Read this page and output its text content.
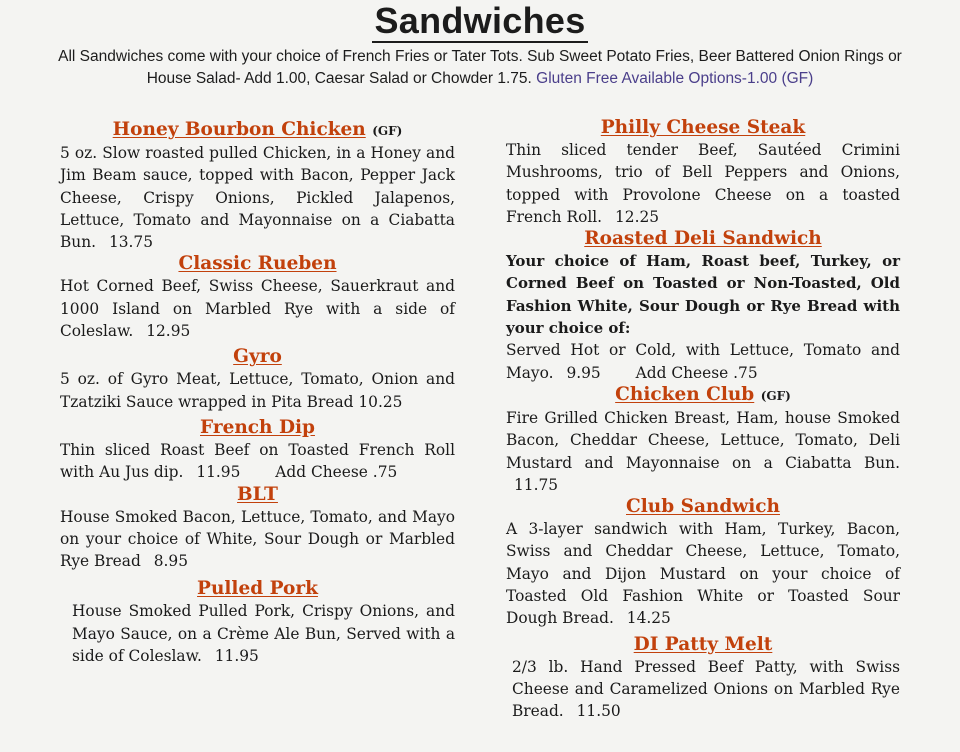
Sandwiches
All Sandwiches come with your choice of French Fries or Tater Tots. Sub Sweet Potato Fries, Beer Battered Onion Rings or House Salad- Add 1.00, Caesar Salad or Chowder 1.75. Gluten Free Available Options-1.00 (GF)
Honey Bourbon Chicken (GF)
5 oz. Slow roasted pulled Chicken, in a Honey and Jim Beam sauce, topped with Bacon, Pepper Jack Cheese, Crispy Onions, Pickled Jalapenos, Lettuce, Tomato and Mayonnaise on a Ciabatta Bun. 13.75
Classic Rueben
Hot Corned Beef, Swiss Cheese, Sauerkraut and 1000 Island on Marbled Rye with a side of Coleslaw. 12.95
Gyro
5 oz. of Gyro Meat, Lettuce, Tomato, Onion and Tzatziki Sauce wrapped in Pita Bread 10.25
French Dip
Thin sliced Roast Beef on Toasted French Roll with Au Jus dip. 11.95 Add Cheese .75
BLT
House Smoked Bacon, Lettuce, Tomato, and Mayo on your choice of White, Sour Dough or Marbled Rye Bread 8.95
Pulled Pork
House Smoked Pulled Pork, Crispy Onions, and Mayo Sauce, on a Crème Ale Bun, Served with a side of Coleslaw. 11.95
Philly Cheese Steak
Thin sliced tender Beef, Sautéed Crimini Mushrooms, trio of Bell Peppers and Onions, topped with Provolone Cheese on a toasted French Roll. 12.25
Roasted Deli Sandwich
Your choice of Ham, Roast beef, Turkey, or Corned Beef on Toasted or Non-Toasted, Old Fashion White, Sour Dough or Rye Bread with your choice of:
Served Hot or Cold, with Lettuce, Tomato and Mayo. 9.95 Add Cheese .75
Chicken Club (GF)
Fire Grilled Chicken Breast, Ham, house Smoked Bacon, Cheddar Cheese, Lettuce, Tomato, Deli Mustard and Mayonnaise on a Ciabatta Bun. 11.75
Club Sandwich
A 3-layer sandwich with Ham, Turkey, Bacon, Swiss and Cheddar Cheese, Lettuce, Tomato, Mayo and Dijon Mustard on your choice of Toasted Old Fashion White or Toasted Sour Dough Bread. 14.25
DI Patty Melt
2/3 lb. Hand Pressed Beef Patty, with Swiss Cheese and Caramelized Onions on Marbled Rye Bread. 11.50
